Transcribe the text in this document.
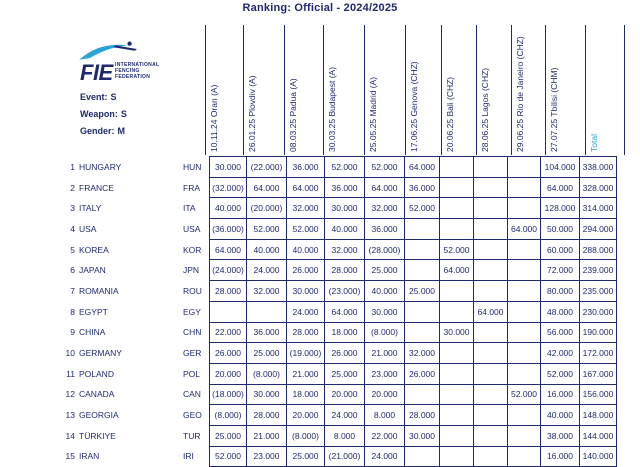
Ranking: Official - 2024/2025
FIE INTERNATIONAL
FENCING
FEDERATION
Event: S
Weapon: S
Gender: M	10.11.24 Oran (A)	26.01.25 Plovdiv (A)	08.03.25 Padua (A)	30.03.25 Budapest (A)	25.05.25 Madrid (A)	17.06.25 Genova (CHZ)	20.06.25 Bali (CHZ)	28.06.25 Lagos (CHZ)	29.06.25 Rio de Janeiro (CHZ)	27.07.25 Tbilisi (CHM)	Total
1	HUNGARY	HUN	30.000	(22.000)	36.000	52.000	52.000	64.000				104.000	338.000
2	FRANCE	FRA	(32.000)	64.000	64.000	36.000	64.000	36.000				64.000	328.000
3	ITALY	ITA	40.000	(20.000)	32.000	30.000	32.000	52.000				128.000	314.000
4	USA	USA	(36.000)	52.000	52.000	40.000	36.000				64.000	50.000	294.000
5	KOREA	KOR	64.000	40.000	40.000	32.000	(28.000)		52.000			60.000	288.000
6	JAPAN	JPN	(24.000)	24.000	26.000	28.000	25.000		64.000			72.000	239.000
7	ROMANIA	ROU	28.000	32.000	30.000	(23.000)	40.000	25.000				80.000	235.000
8	EGYPT	EGY			24.000	64.000	30.000			64.000		48.000	230.000
9	CHINA	CHN	22.000	36.000	28.000	18.000	(8.000)		30.000			56.000	190.000
10	GERMANY	GER	26.000	25.000	(19.000)	26.000	21.000	32.000				42.000	172.000
11	POLAND	POL	20.000	(8.000)	21.000	25.000	23.000	26.000				52.000	167.000
12	CANADA	CAN	(18.000)	30.000	18.000	20.000	20.000				52.000	16.000	156.000
13	GEORGIA	GEO	(8.000)	28.000	20.000	24.000	8.000	28.000				40.000	148.000
14	TÜRKIYE	TUR	25.000	21.000	(8.000)	8.000	22.000	30.000				38.000	144.000
15	IRAN	IRI	52.000	23.000	25.000	(21.000)	24.000					16.000	140.000
